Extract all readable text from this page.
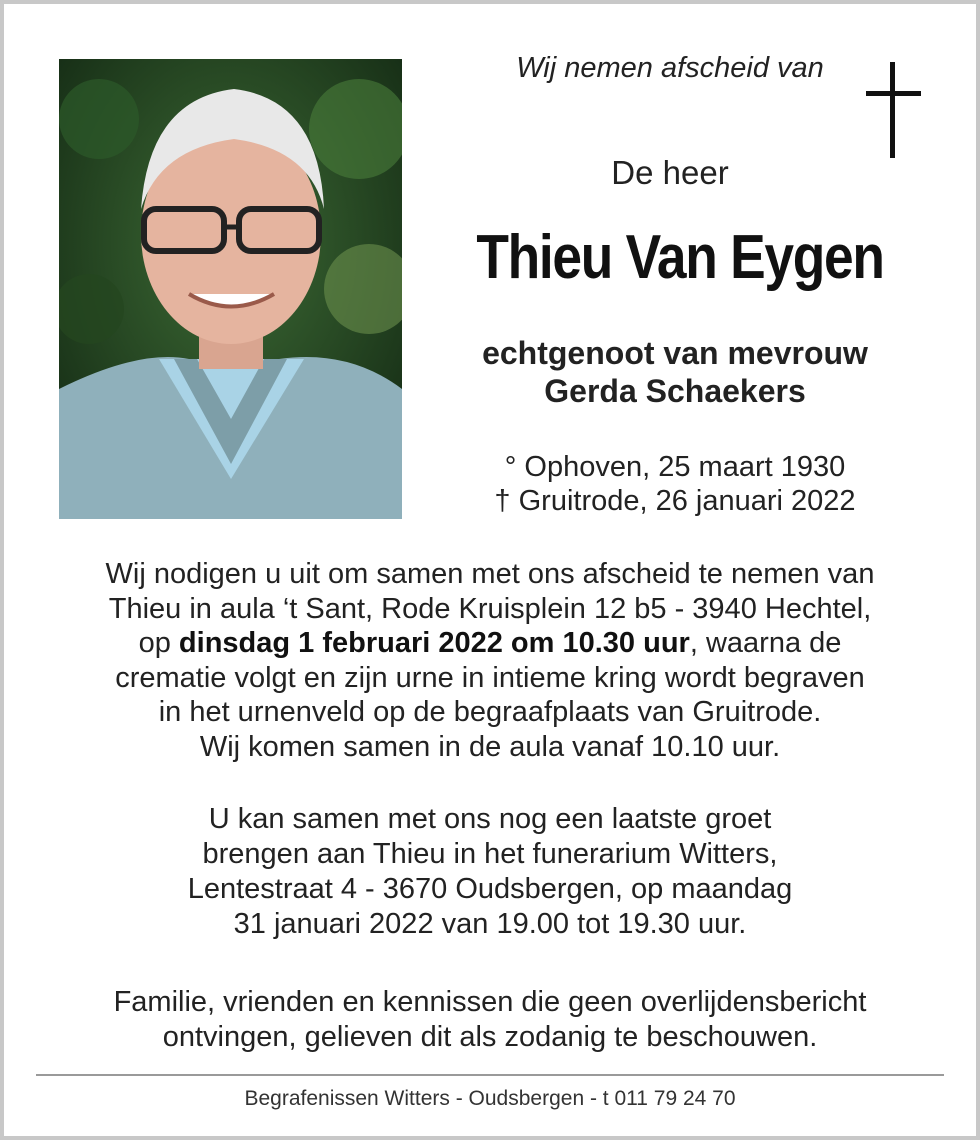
Wij nemen afscheid van
De heer
Thieu Van Eygen
echtgenoot van mevrouw
Gerda Schaekers
° Ophoven, 25 maart 1930
† Gruitrode, 26 januari 2022
Wij nodigen u uit om samen met ons afscheid te nemen van
Thieu in aula ‘t Sant, Rode Kruisplein 12 b5 - 3940 Hechtel,
op dinsdag 1 februari 2022 om 10.30 uur, waarna de
crematie volgt en zijn urne in intieme kring wordt begraven
in het urnenveld op de begraafplaats van Gruitrode.
Wij komen samen in de aula vanaf 10.10 uur.
U kan samen met ons nog een laatste groet
brengen aan Thieu in het funerarium Witters,
Lentestraat 4 - 3670 Oudsbergen, op maandag
31 januari 2022 van 19.00 tot 19.30 uur.
Familie, vrienden en kennissen die geen overlijdensbericht
ontvingen, gelieven dit als zodanig te beschouwen.
Begrafenissen Witters - Oudsbergen - t 011 79 24 70
